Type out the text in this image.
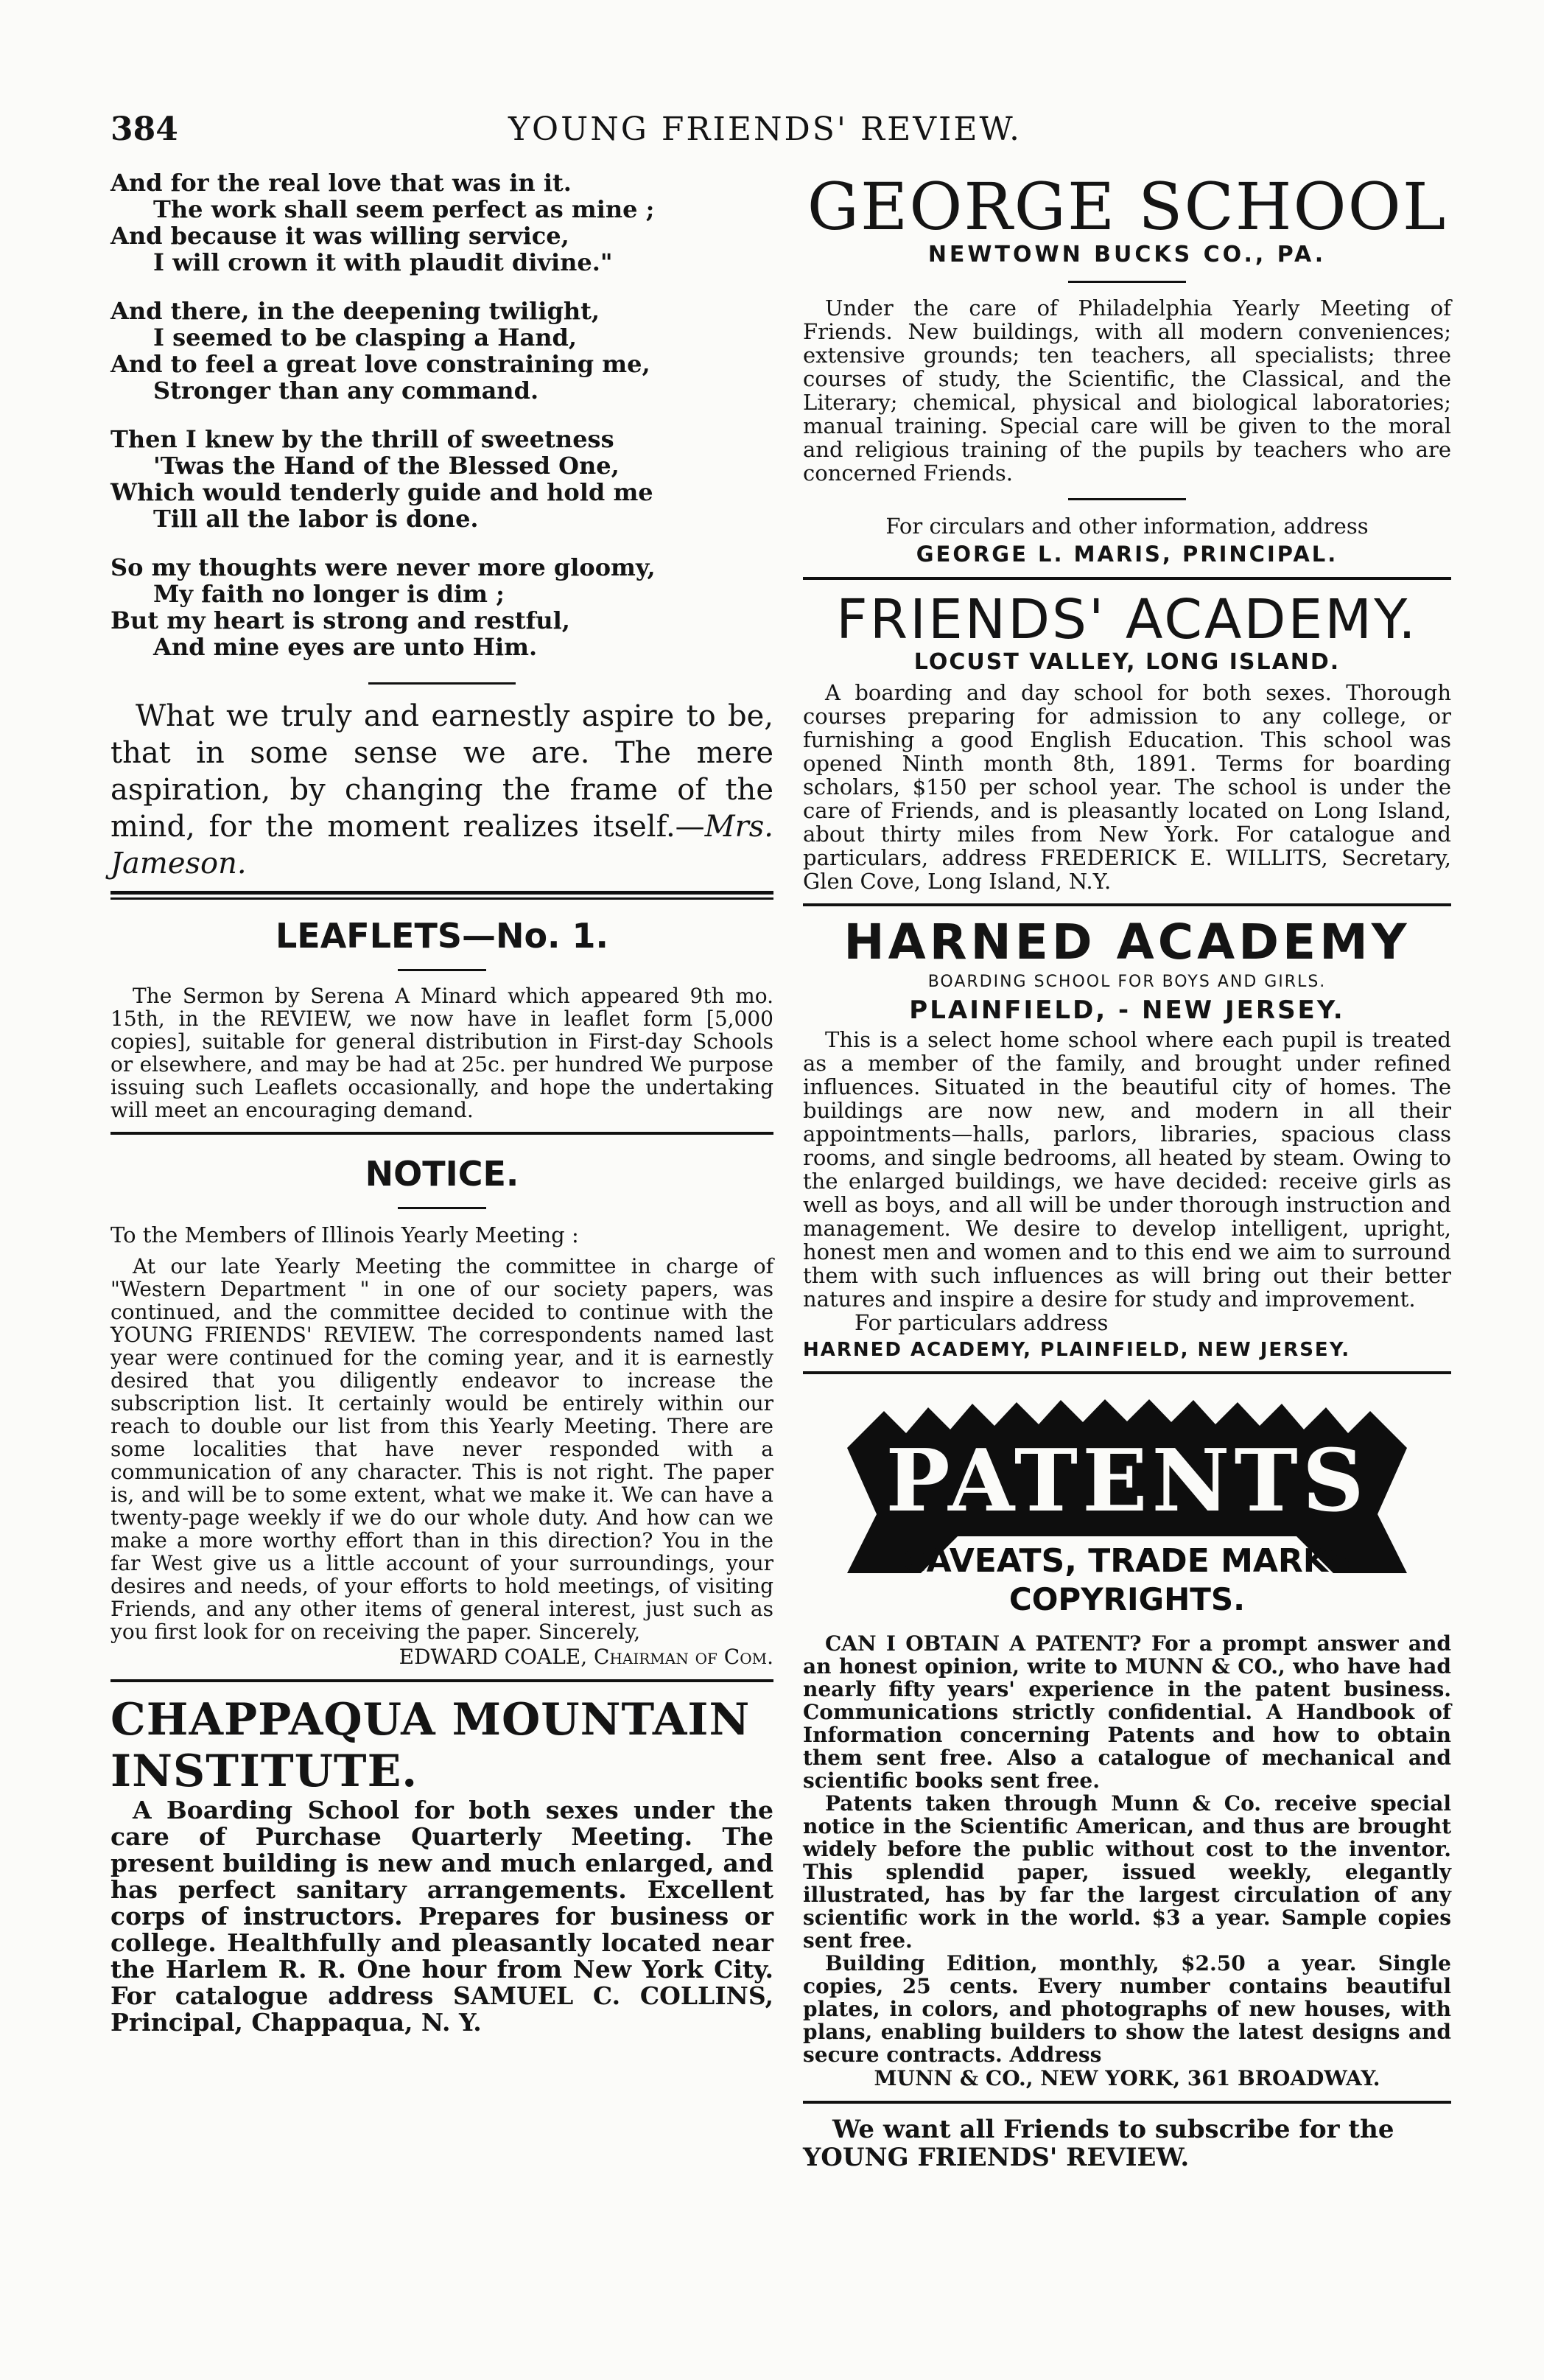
384	YOUNG FRIENDS' REVIEW.
And for the real love that was in it.
The work shall seem perfect as mine ;
And because it was willing service,
I will crown it with plaudit divine."
And there, in the deepening twilight,
I seemed to be clasping a Hand,
And to feel a great love constraining me,
Stronger than any command.
Then I knew by the thrill of sweetness
'Twas the Hand of the Blessed One,
Which would tenderly guide and hold me
Till all the labor is done.
So my thoughts were never more gloomy,
My faith no longer is dim ;
But my heart is strong and restful,
And mine eyes are unto Him.
What we truly and earnestly aspire to be, that in some sense we are. The mere aspiration, by changing the frame of the mind, for the moment realizes itself.—Mrs. Jameson.
LEAFLETS—No. 1.
The Sermon by Serena A Minard which appeared 9th mo. 15th, in the REVIEW, we now have in leaflet form [5,000 copies], suitable for general distribution in First-day Schools or elsewhere, and may be had at 25c. per hundred We purpose issuing such Leaflets occasionally, and hope the undertaking will meet an encouraging demand.
NOTICE.
To the Members of Illinois Yearly Meeting :
At our late Yearly Meeting the committee in charge of "Western Department " in one of our society papers, was continued, and the committee decided to continue with the YOUNG FRIENDS' REVIEW. The correspondents named last year were continued for the coming year, and it is earnestly desired that you diligently endeavor to increase the subscription list. It certainly would be entirely within our reach to double our list from this Yearly Meeting. There are some localities that have never responded with a communication of any character. This is not right. The paper is, and will be to some extent, what we make it. We can have a twenty-page weekly if we do our whole duty. And how can we make a more worthy effort than in this direction? You in the far West give us a little account of your surroundings, your desires and needs, of your efforts to hold meetings, of visiting Friends, and any other items of general interest, just such as you first look for on receiving the paper. Sincerely,
EDWARD COALE, Chairman of Com.
CHAPPAQUA MOUNTAIN INSTITUTE.
A Boarding School for both sexes under the care of Purchase Quarterly Meeting. The present building is new and much enlarged, and has perfect sanitary arrangements. Excellent corps of instructors. Prepares for business or college. Healthfully and pleasantly located near the Harlem R. R. One hour from New York City. For catalogue address SAMUEL C. COLLINS, Principal, Chappaqua, N. Y.
GEORGE SCHOOL
NEWTOWN BUCKS CO., PA.
Under the care of Philadelphia Yearly Meeting of Friends. New buildings, with all modern conveniences; extensive grounds; ten teachers, all specialists; three courses of study, the Scientific, the Classical, and the Literary; chemical, physical and biological laboratories; manual training. Special care will be given to the moral and religious training of the pupils by teachers who are concerned Friends.
For circulars and other information, address
GEORGE L. MARIS, PRINCIPAL.
FRIENDS' ACADEMY.
LOCUST VALLEY, LONG ISLAND.
A boarding and day school for both sexes. Thorough courses preparing for admission to any college, or furnishing a good English Education. This school was opened Ninth month 8th, 1891. Terms for boarding scholars, $150 per school year. The school is under the care of Friends, and is pleasantly located on Long Island, about thirty miles from New York. For catalogue and particulars, address FREDERICK E. WILLITS, Secretary, Glen Cove, Long Island, N.Y.
HARNED ACADEMY
BOARDING SCHOOL FOR BOYS AND GIRLS.
PLAINFIELD, - NEW JERSEY.
This is a select home school where each pupil is treated as a member of the family, and brought under refined influences. Situated in the beautiful city of homes. The buildings are now new, and modern in all their appointments—halls, parlors, libraries, spacious class rooms, and single bedrooms, all heated by steam. Owing to the enlarged buildings, we have decided: receive girls as well as boys, and all will be under thorough instruction and management. We desire to develop intelligent, upright, honest men and women and to this end we aim to surround them with such influences as will bring out their better natures and inspire a desire for study and improvement.
For particulars address
HARNED ACADEMY, PLAINFIELD, NEW JERSEY.
PATENTS
CAVEATS, TRADE MARKS
COPYRIGHTS.
CAN I OBTAIN A PATENT? For a prompt answer and an honest opinion, write to MUNN & CO., who have had nearly fifty years' experience in the patent business. Communications strictly confidential. A Handbook of Information concerning Patents and how to obtain them sent free. Also a catalogue of mechanical and scientific books sent free.
Patents taken through Munn & Co. receive special notice in the Scientific American, and thus are brought widely before the public without cost to the inventor. This splendid paper, issued weekly, elegantly illustrated, has by far the largest circulation of any scientific work in the world. $3 a year. Sample copies sent free.
Building Edition, monthly, $2.50 a year. Single copies, 25 cents. Every number contains beautiful plates, in colors, and photographs of new houses, with plans, enabling builders to show the latest designs and secure contracts. Address
MUNN & CO., NEW YORK, 361 BROADWAY.
We want all Friends to subscribe for the YOUNG FRIENDS' REVIEW.
